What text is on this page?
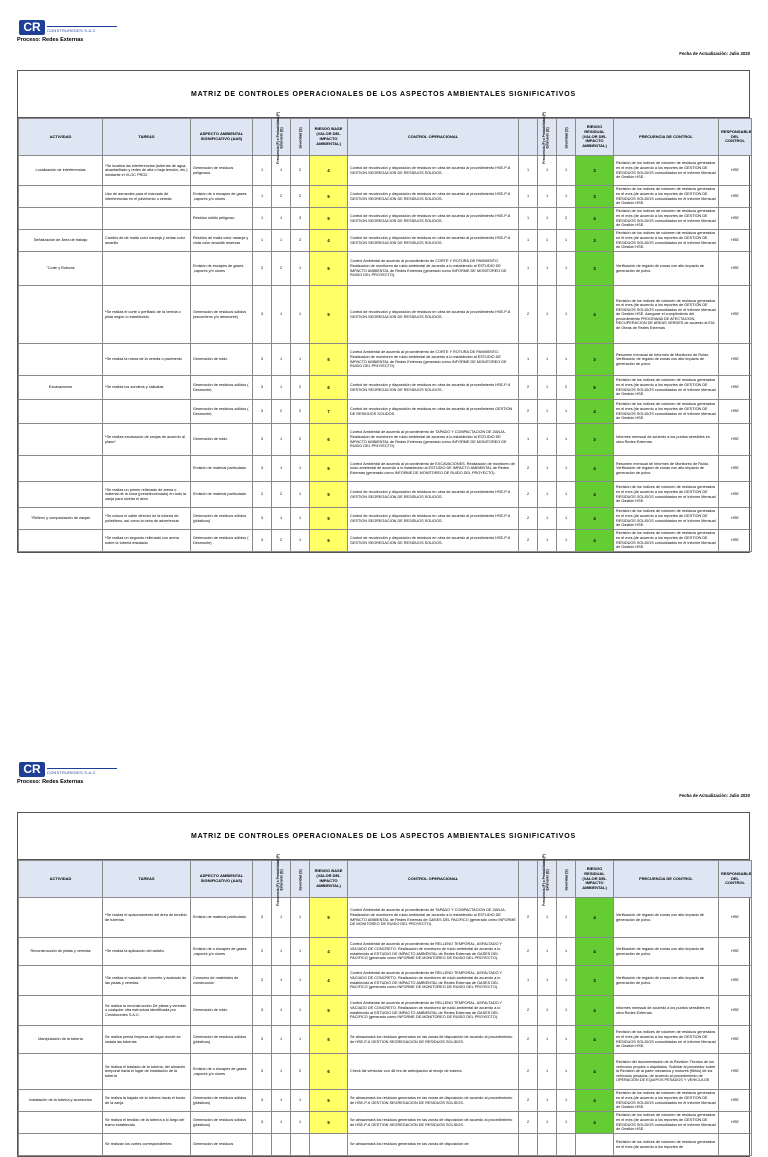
CR	CONSTRUREDES S.A.C
Proceso: Redes Externas
Fecha de Actualización: Julio 2020
MATRIZ DE CONTROLES OPERACIONALES DE LOS ASPECTOS AMBIENTALES SIGNIFICATIVOS
ACTIVIDAD	TAREAS	ASPECTO AMBIENTAL SIGNIFICATIVO (AAS)	Frecuencia (F) o Probabilidad (P)	Extensión (E)	Severidad (S)	RIESGO BASE (VALOR DEL IMPACTO AMBIENTAL)	CONTROL OPERACIONAL	Frecuencia (F) o Probabilidad (P)	Extensión (E)	Severidad (S)	RIESGO RESIDUAL (VALOR DEL IMPACTO AMBIENTAL)	FRECUENCIA DE CONTROL	RESPONSABLE DEL CONTROL
Localización de interferencias	*Se localiza las interferencias (tuberías de agua, alcantarillado y redes de alta o baja tensión, etc.) mediante el VLOC PRO2.	Generación de residuos peligrosos	1	1	2	4	Control de recolección y disposición de residuos en obra de acuerdo al procedimiento HSE-P-6 GESTION SEGREGACION DE RESIDUOS SOLIDOS.	1	1	1	3	Revisión de los índices de volumen de residuos generados en el mes (de acuerdo a los reportes de GESTION DE RESIDUOS SOLIDOS consolidados en el Informe Mensual de Gestión HSE.	HSE
	Uso de aerosoles para el marcado de interferencias en el pavimento o vereda	Emisión de o escapes de gases ,vapores y/o olores	1	2	2	5	Control de recolección y disposición de residuos en obra de acuerdo al procedimiento HSE-P-6 GESTION SEGREGACION DE RESIDUOS SOLIDOS.	1	1	1	3	Revisión de los índices de volumen de residuos generados en el mes (de acuerdo a los reportes de GESTION DE RESIDUOS SOLIDOS consolidados en el Informe Mensual de Gestión HSE.	HSE
		Residuo sólido peligroso	1	1	3	5	Control de recolección y disposición de residuos en obra de acuerdo al procedimiento HSE-P-6 GESTION SEGREGACION DE RESIDUOS SOLIDOS.	1	1	2	4	Revisión de los índices de volumen de residuos generados en el mes (de acuerdo a los reportes de GESTION DE RESIDUOS SOLIDOS consolidados en el Informe Mensual de Gestión HSE.	HSE
Señalización de Área de trabajo	Cambio de de malla color naranja y cintas color amarillo	Residuo de malla color naranja y cinta color amarilla reservas	1	1	2	4	Control de recolección y disposición de residuos en obra de acuerdo al procedimiento HSE-P-6 GESTION SEGREGACION DE RESIDUOS SOLIDOS.	1	1	1	3	Revisión de los índices de volumen de residuos generados en el mes (de acuerdo a los reportes de GESTION DE RESIDUOS SOLIDOS consolidados en el Informe Mensual de Gestión HSE.	HSE
"Corte y Roturas		Emisión de escapes de gases ,vapores y/o olores	2	2	1	5	Control Ambiental de acuerdo al procedimiento de CORTE Y ROTURA DE PAVIMENTO. Realización de monitoreo de ruido ambiental de acuerdo a lo establecido al ESTUDIO DE IMPACTO AMBIENTAL de Redes Externas (generado como INFORME DE MONITOREO DE RUIDO DEL PROYECTO).	1	1	1	3	Verificación de regado de zonas con alto impacto de generación de polvo.	HSE
	*Se realiza el corte o perfilado de la vereda o pista según lo establecido.	Generación de residuos sólidos (escombros y/o desmonte)	3	1	1	5	Control de recolección y disposición de residuos en obra de acuerdo al procedimiento HSE-P-6 GESTION SEGREGACION DE RESIDUOS SOLIDOS.	2	1	1	4	Revisión de los índices de volumen de residuos generados en el mes (de acuerdo a los reportes de GESTION DE RESIDUOS SOLIDOS consolidados en el Informe Mensual de Gestión HSE. Asegurar el cumplimiento del procedimiento PROGRAMA DE AFECTACION, RECUPERACION DE AREAS VERDES de acuerdo al EIA de Obras de Redes Externas	HSE
	*Se realiza la rotura de la vereda o pavimento	Generación de ruido	3	1	1	5	Control Ambiental de acuerdo al procedimiento de CORTE Y ROTURA DE PAVIMENTO. Realización de monitoreo de ruido ambiental de acuerdo a lo establecido al ESTUDIO DE IMPACTO AMBIENTAL de Redes Externas (generado como INFORME DE MONITOREO DE RUIDO DEL PROYECTO).	1	1	1	3	Resumen mensual de Informes de Monitoreo de Ruido. Verificación de regado de zonas con alto impacto de generación de polvo.	HSE
Excavaciones	*Se realiza los sondeos y calicatas	Generación de residuos sólidos ( Desmonte)	3	1	2	6	Control de recolección y disposición de residuos en obra de acuerdo al procedimiento HSE-P-6 GESTION SEGREGACION DE RESIDUOS SOLIDOS.	2	1	2	5	Revisión de los índices de volumen de residuos generados en el mes (de acuerdo a los reportes de GESTION DE RESIDUOS SOLIDOS consolidados en el Informe Mensual de Gestión HSE.	HSE
		Generación de residuos sólidos ( Desmonte)	3	2	2	7	Control de recolección y disposición de residuos en obra de acuerdo al procedimiento GESTION DE RESIDUOS SOLIDOS.	2	1	1	4	Revisión de los índices de volumen de residuos generados en el mes (de acuerdo a los reportes de GESTION DE RESIDUOS SOLIDOS consolidados en el Informe Mensual de Gestión HSE.	HSE
	*Se realiza excavación de zanjas de acuerdo al plano*	Generación de ruido	3	1	2	6	Control Ambiental de acuerdo al procedimiento de TAPADO Y COMPACTACION DE ZANJA. Realización de monitoreo de ruido ambiental de acuerdo a lo establecido al ESTUDIO DE IMPACTO AMBIENTAL de Redes Externas (generado como INFORME DE MONITOREO DE RUIDO DEL PROYECTO).	1	1	1	3	Informes mensual de acuerdo a los puntos sensibles en obra Redes Externas.	HSE
		Emisión de material particulado	3	1	1	5	Control Ambiental de acuerdo al procedimiento de EXCAVACIONES. Realización de monitoreo de ruido ambiental de acuerdo a lo establecido al ESTUDIO DE IMPACTO AMBIENTAL de Redes Externas (generado como INFORME DE MONITOREO DE RUIDO DEL PROYECTO).	2	1	1	4	Resumen mensual de Informes de Monitoreo de Ruido. Verificación de regado de zonas con alto impacto de generación de polvo.	HSE
	*Se realiza un primer rellenado de arena o material de la zona (preseleccionado) en todo la zanja para nivelar el área.	Emisión de material particulado	2	2	1	5	Control de recolección y disposición de residuos en obra de acuerdo al procedimiento HSE-P-6 GESTION SEGREGACION DE RESIDUOS SOLIDOS.	2	1	1	4	Revisión de los índices de volumen de residuos generados en el mes (de acuerdo a los reportes de GESTION DE RESIDUOS SOLIDOS consolidados en el Informe Mensual de Gestión HSE.	HSE
"Relleno y compactación de zanjas	*Se coloca el cable director en la tubería de polietileno, así como la cinta de advertencia	Generación de residuos sólidos (plásticos)	3	1	1	5	Control de recolección y disposición de residuos en obra de acuerdo al procedimiento HSE-P-6 GESTION SEGREGACION DE RESIDUOS SOLIDOS.	2	1	1	4	Revisión de los índices de volumen de residuos generados en el mes (de acuerdo a los reportes de GESTION DE RESIDUOS SOLIDOS consolidados en el Informe Mensual de Gestión HSE.	HSE
	*Se realiza un segundo rellenado con arena sobre la tubería instalada	Generación de residuos sólidos ( Desmonte)	3	2	1	6	Control de recolección y disposición de residuos en obra de acuerdo al procedimiento HSE-P-6 GESTION SEGREGACION DE RESIDUOS SOLIDOS.	2	1	1	4	Revisión de los índices de volumen de residuos generados en el mes (de acuerdo a los reportes de GESTION DE RESIDUOS SOLIDOS consolidados en el Informe Mensual de Gestión HSE.	HSE
CR	CONSTRUREDES S.A.C
Proceso: Redes Externas
Fecha de Actualización: Julio 2020
MATRIZ DE CONTROLES OPERACIONALES DE LOS ASPECTOS AMBIENTALES SIGNIFICATIVOS
ACTIVIDAD	TAREAS	ASPECTO AMBIENTAL SIGNIFICATIVO (AAS)	Frecuencia (F) o Probabilidad (P)	Extensión (E)	Severidad (S)	RIESGO BASE (VALOR DEL IMPACTO AMBIENTAL)	CONTROL OPERACIONAL	Frecuencia (F) o Probabilidad (P)	Extensión (E)	Severidad (S)	RIESGO RESIDUAL (VALOR DEL IMPACTO AMBIENTAL)	FRECUENCIA DE CONTROL	RESPONSABLE DEL CONTROL
	*Se realiza el apisonamiento del área de tendido de tuberías	Emisión de material particulado	3	1	1	5	Control Ambiental de acuerdo al procedimiento de TAPADO Y COMPACTACION DE ZANJA. Realización de monitoreo de ruido ambiental de acuerdo a lo establecido al ESTUDIO DE IMPACTO AMBIENTAL de Redes Externas de GASES DEL PACIFICO (generado como INFORME DE MONITOREO DE RUIDO DEL PROYECTO).	2	1	1	4	Verificación de regado de zonas con alto impacto de generación de polvo.	HSE
Reconstrucción de pistas y veredas	*Se realiza la aplicación del asfalto.	Emisión de o escapes de gases ,vapores y/o olores	2	1	1	4	Control Ambiental de acuerdo al procedimiento de RELLENO TEMPORAL, ASFALTADO Y VACIADO DE CONCRETO. Realización de monitoreo de ruido ambiental de acuerdo a lo establecido al ESTUDIO DE IMPACTO AMBIENTAL de Redes Externas de GASES DEL PACIFICO (generado como INFORME DE MONITOREO DE RUIDO DEL PROYECTO).	2	1	1	4	Verificación de regado de zonas con alto impacto de generación de polvo.	HSE
	*Se realiza el vaciado de concreto y acabado de las pistas y veredas	Consumo de materiales de construcción	2	1	1	4	Control Ambiental de acuerdo al procedimiento de RELLENO TEMPORAL, ASFALTADO Y VACIADO DE CONCRETO. Realización de monitoreo de ruido ambiental de acuerdo a lo establecido al ESTUDIO DE IMPACTO AMBIENTAL de Redes Externas de GASES DEL PACIFICO (generado como INFORME DE MONITOREO DE RUIDO DEL PROYECTO).	1	1	1	3	Verificación de regado de zonas con alto impacto de generación de polvo.	HSE
	Se realiza la reconstrucción De pistas y veredas o cualquier otra estructura identificada por Construredes S.A.C.	Generación de ruido	3	1	1	5	Control Ambiental de acuerdo al procedimiento de RELLENO TEMPORAL, ASFALTADO Y VACIADO DE CONCRETO. Realización de monitoreo de ruido ambiental de acuerdo a lo establecido al ESTUDIO DE IMPACTO AMBIENTAL de Redes Externas de GASES DEL PACIFICO (generado como INFORME DE MONITOREO DE RUIDO DEL PROYECTO).	2	1	1	4	Informes mensual de acuerdo a los puntos sensibles en obra Redes Externas.	HSE
Manipulación de la tubería	Se realiza previa limpieza del lugar donde se instala las tuberías	Generación de residuos sólidos (plásticos)	3	1	1	5	Se almacenará los residuos generados en las zonas de disposición de acuerdo al procedimiento de HSE-P-6 GESTION SEGREGACION DE RESIDUOS SOLIDOS.	2	1	1	4	Revisión de los índices de volumen de residuos generados en el mes (de acuerdo a los reportes de GESTION DE RESIDUOS SOLIDOS consolidados en el Informe Mensual de Gestión HSE.	HSE
	Se realiza el traslado de la tubería, del almacén temporal hacia el lugar de instalación de la tubería	Emisión de o escapes de gases ,vapores y/o olores	3	1	2	6	Check list vehicular con 48 hrs de anticipación al recojo de tubería.	2	1	1	4	Revisión del documentación de la Revisión Técnica de los vehículos propios o alquilados. Solicitar al proveedor sobre la Revisión de la parte mecánica y motores (filtros) de los vehículos pesados, de acuerdo al procedimiento de OPERACIÓN DE EQUIPOS PESADOS Y VEHICULOS	HSE
Instalación de la tubería y accesorios	Se realiza la bajada de la tubería hacia el fondo de la zanja	Generación de residuos sólidos (plásticos)	3	1	1	5	Se almacenará los residuos generados en las zonas de disposición de acuerdo al procedimiento de HSE-P-6 GESTION SEGREGACION DE RESIDUOS SOLIDOS.	2	1	1	4	Revisión de los índices de volumen de residuos generados en el mes (de acuerdo a los reportes de GESTION DE RESIDUOS SOLIDOS consolidados en el Informe Mensual de Gestión HSE.	HSE
	Se realiza el tendido de la tubería a lo largo del tramo establecido	Generación de residuos sólidos (plásticos)	3	1	1	5	Se almacenará los residuos generados en las zonas de disposición de acuerdo al procedimiento de HSE-P-6 GESTION SEGREGACION DE RESIDUOS SOLIDOS.	2	1	1	4	Revisión de los índices de volumen de residuos generados en el mes (de acuerdo a los reportes de GESTION DE RESIDUOS SOLIDOS consolidados en el Informe Mensual de Gestión HSE.	HSE
	Se realizan los cortes correspondientes	Generación de residuos					Se almacenará los residuos generados en las zonas de disposición de					Revisión de los índices de volumen de residuos generados en el mes (de acuerdo a los reportes de	
